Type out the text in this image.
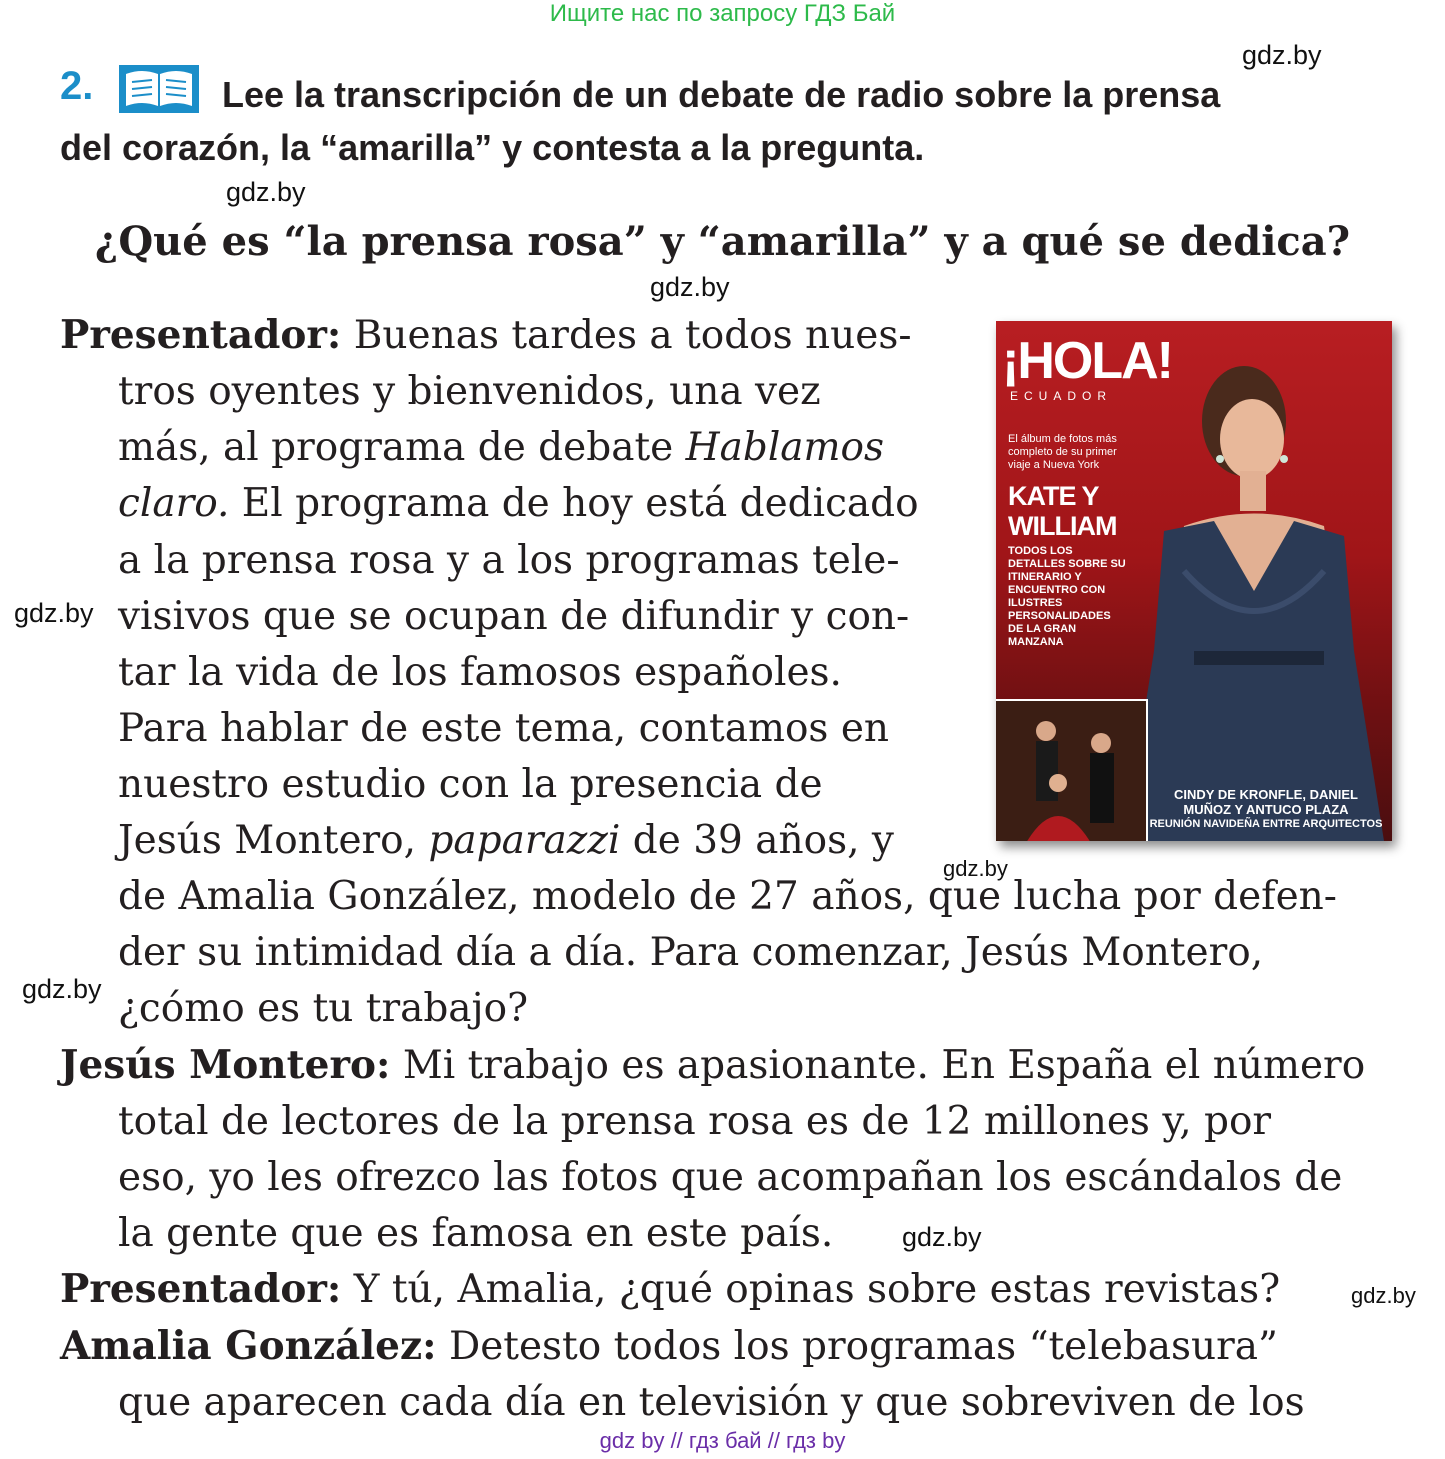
Ищите нас по запросу ГДЗ Бай
gdz.by
gdz.by
gdz.by
gdz.by
gdz.by
gdz.by
gdz.by
gdz.by
2.	Lee la transcripción de un debate de radio sobre la prensa
del corazón, la “amarilla” y contesta a la pregunta.
¿Qué es “la prensa rosa” y “amarilla” y a qué se dedica?
Presentador: Buenas tardes a todos nues-
tros oyentes y bienvenidos, una vez
más, al programa de debate Hablamos
claro. El programa de hoy está dedicado
a la prensa rosa y a los programas tele-
visivos que se ocupan de difundir y con-
tar la vida de los famosos españoles.
Para hablar de este tema, contamos en
nuestro estudio con la presencia de
Jesús Montero, paparazzi de 39 años, y
de Amalia González, modelo de 27 años, que lucha por defen-
der su intimidad día a día. Para comenzar, Jesús Montero,
¿cómo es tu trabajo?
Jesús Montero: Mi trabajo es apasionante. En España el número
total de lectores de la prensa rosa es de 12 millones y, por
eso, yo les ofrezco las fotos que acompañan los escándalos de
la gente que es famosa en este país.
Presentador: Y tú, Amalia, ¿qué opinas sobre estas revistas?
Amalia González: Detesto todos los programas “telebasura”
que aparecen cada día en televisión y que sobreviven de los
¡HOLA!
ECUADOR
El álbum de fotos más completo de su primer viaje a Nueva York
KATE Y
WILLIAM
TODOS LOS DETALLES SOBRE SU ITINERARIO Y ENCUENTRO CON ILUSTRES PERSONALIDADES DE LA GRAN MANZANA
CINDY DE KRONFLE, DANIEL
MUÑOZ Y ANTUCO PLAZA
REUNIÓN NAVIDEÑA ENTRE ARQUITECTOS
gdz by // гдз бай // гдз by
